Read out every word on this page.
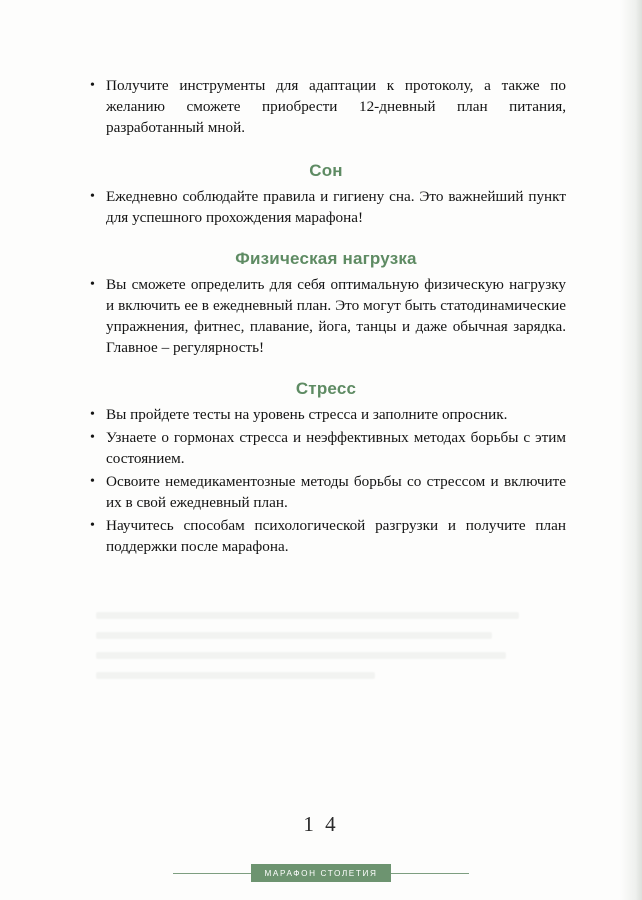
• Получите инструменты для адаптации к протоколу, а также по желанию сможете приобрести 12-дневный план питания, разработанный мной.
Сон
• Ежедневно соблюдайте правила и гигиену сна. Это важнейший пункт для успешного прохождения марафона!
Физическая нагрузка
• Вы сможете определить для себя оптимальную физическую нагрузку и включить ее в ежедневный план. Это могут быть статодинамические упражнения, фитнес, плавание, йога, танцы и даже обычная зарядка. Главное – регулярность!
Стресс
• Вы пройдете тесты на уровень стресса и заполните опросник.
• Узнаете о гормонах стресса и неэффективных методах борьбы с этим состоянием.
• Освоите немедикаментозные методы борьбы со стрессом и включите их в свой ежедневный план.
• Научитесь способам психологической разгрузки и получите план поддержки после марафона.
1 4
МАРАФОН СТОЛЕТИЯ
